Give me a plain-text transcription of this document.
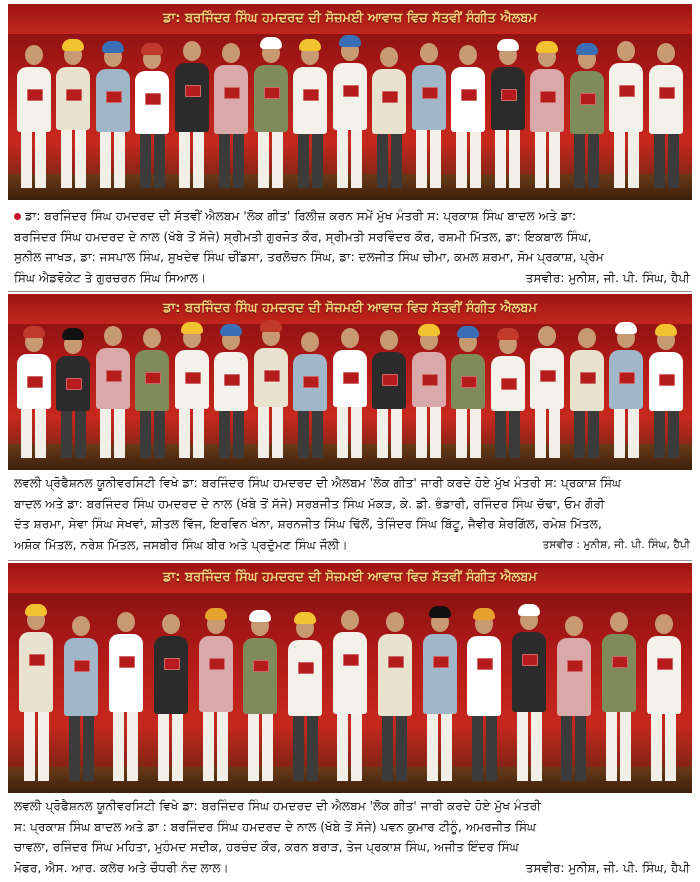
ਡਾ: ਬਰਜਿੰਦਰ ਸਿੰਘ ਹਮਦਰਦ ਦੀ ਸੋਜ਼ਮਈ ਆਵਾਜ਼ ਵਿਚ ਸੱਤਵੀਂ ਸੰਗੀਤ ਐਲਬਮ
ਡਾ: ਬਰਜਿੰਦਰ ਸਿੰਘ ਹਮਦਰਦ ਦੀ ਸੱਤਵੀਂ ਐਲਬਮ 'ਲੋਕ ਗੀਤ' ਰਿਲੀਜ਼ ਕਰਨ ਸਮੇਂ ਮੁੱਖ ਮੰਤਰੀ ਸ: ਪ੍ਰਕਾਸ਼ ਸਿੰਘ ਬਾਦਲ ਅਤੇ ਡਾ:
ਬਰਜਿੰਦਰ ਸਿੰਘ ਹਮਦਰਦ ਦੇ ਨਾਲ (ਖੱਬੇ ਤੋਂ ਸੱਜੇ) ਸ੍ਰੀਮਤੀ ਗੁਰਜੋਤ ਕੌਰ, ਸ੍ਰੀਮਤੀ ਸਰਵਿੰਦਰ ਕੌਰ, ਰਸ਼ਮੀ ਮਿੱਤਲ, ਡਾ: ਇਕਬਾਲ ਸਿੰਘ,
ਸੁਨੀਲ ਜਾਖੜ, ਡਾ: ਜਸਪਾਲ ਸਿੰਘ, ਸੁਖਦੇਵ ਸਿੰਘ ਚੀਂਡਸਾ, ਤਰਲੋਚਨ ਸਿੰਘ, ਡਾ: ਦਲਜੀਤ ਸਿੰਘ ਚੀਮਾ, ਕਮਲ ਸ਼ਰਮਾ, ਸੋਮ ਪ੍ਰਕਾਸ਼, ਪ੍ਰੇਮ
ਸਿੰਘ ਐਡਵੋਕੇਟ ਤੇ ਗੁਰਚਰਨ ਸਿੰਘ ਸਿਆਲ।	ਤਸਵੀਰ: ਮੁਨੀਸ਼, ਜੀ. ਪੀ. ਸਿੰਘ, ਹੈਪੀ
ਡਾ: ਬਰਜਿੰਦਰ ਸਿੰਘ ਹਮਦਰਦ ਦੀ ਸੋਜ਼ਮਈ ਆਵਾਜ਼ ਵਿਚ ਸੱਤਵੀਂ ਸੰਗੀਤ ਐਲਬਮ
ਲਵਲੀ ਪ੍ਰੋਫੈਸ਼ਨਲ ਯੂਨੀਵਰਸਿਟੀ ਵਿਖੇ ਡਾ: ਬਰਜਿੰਦਰ ਸਿੰਘ ਹਮਦਰਦ ਦੀ ਐਲਬਮ 'ਲੋਕ ਗੀਤ' ਜਾਰੀ ਕਰਦੇ ਹੋਏ ਮੁੱਖ ਮੰਤਰੀ ਸ: ਪ੍ਰਕਾਸ਼ ਸਿੰਘ
ਬਾਦਲ ਅਤੇ ਡਾ: ਬਰਜਿੰਦਰ ਸਿੰਘ ਹਮਦਰਦ ਦੇ ਨਾਲ (ਖੱਬੇ ਤੋਂ ਸੱਜੇ) ਸਰਬਜੀਤ ਸਿੰਘ ਮੱਕੜ, ਕੇ. ਡੀ. ਭੰਡਾਰੀ, ਰਜਿੰਦਰ ਸਿੰਘ ਚੱਢਾ, ਓਮ ਗੌਰੀ
ਦੱਤ ਸ਼ਰਮਾ, ਸੇਵਾ ਸਿੰਘ ਸੇਖਵਾਂ, ਸ਼ੀਤਲ ਵਿੱਜ, ਇਰਵਿਨ ਖੰਨਾ, ਸ਼ਰਨਜੀਤ ਸਿੰਘ ਢਿੱਲੋਂ, ਤੇਜਿੰਦਰ ਸਿੰਘ ਬਿੱਟੂ, ਜੈਵੀਰ ਸ਼ੇਰਗਿੱਲ, ਰਮੇਸ਼ ਮਿੱਤਲ,
ਅਸ਼ੋਕ ਮਿੱਤਲ, ਨਰੇਸ਼ ਮਿੱਤਲ, ਜਸਬੀਰ ਸਿੰਘ ਬੀਰ ਅਤੇ ਪ੍ਰਦੁੱਮਣ ਸਿੰਘ ਜੌਲੀ।	ਤਸਵੀਰ : ਮੁਨੀਸ਼, ਜੀ. ਪੀ. ਸਿੰਘ, ਹੈਪੀ
ਡਾ: ਬਰਜਿੰਦਰ ਸਿੰਘ ਹਮਦਰਦ ਦੀ ਸੋਜ਼ਮਈ ਆਵਾਜ਼ ਵਿਚ ਸੱਤਵੀਂ ਸੰਗੀਤ ਐਲਬਮ
ਲਵਲੀ ਪ੍ਰੋਫੈਸ਼ਨਲ ਯੂਨੀਵਰਸਿਟੀ ਵਿਖੇ ਡਾ: ਬਰਜਿੰਦਰ ਸਿੰਘ ਹਮਦਰਦ ਦੀ ਐਲਬਮ 'ਲੋਕ ਗੀਤ' ਜਾਰੀ ਕਰਦੇ ਹੋਏ ਮੁੱਖ ਮੰਤਰੀ
ਸ: ਪ੍ਰਕਾਸ਼ ਸਿੰਘ ਬਾਦਲ ਅਤੇ ਡਾ : ਬਰਜਿੰਦਰ ਸਿੰਘ ਹਮਦਰਦ ਦੇ ਨਾਲ (ਖੱਬੇ ਤੋਂ ਸੱਜੇ) ਪਵਨ ਕੁਮਾਰ ਟੀਨੂੰ, ਅਮਰਜੀਤ ਸਿੰਘ
ਚਾਵਲਾ, ਰਜਿੰਦਰ ਸਿੰਘ ਮਹਿਤਾ, ਮੁਹੰਮਦ ਸਦੀਕ, ਹਰਚੰਦ ਕੌਰ, ਕਰਨ ਬਰਾੜ, ਤੇਜ ਪ੍ਰਕਾਸ਼ ਸਿੰਘ, ਅਜੀਤ ਇੰਦਰ ਸਿੰਘ
ਮੋਫਰ, ਐਸ. ਆਰ. ਕਲੇਰ ਅਤੇ ਚੌਧਰੀ ਨੰਦ ਲਾਲ।	ਤਸਵੀਰ: ਮੁਨੀਸ਼, ਜੀ. ਪੀ. ਸਿੰਘ, ਹੈਪੀ
